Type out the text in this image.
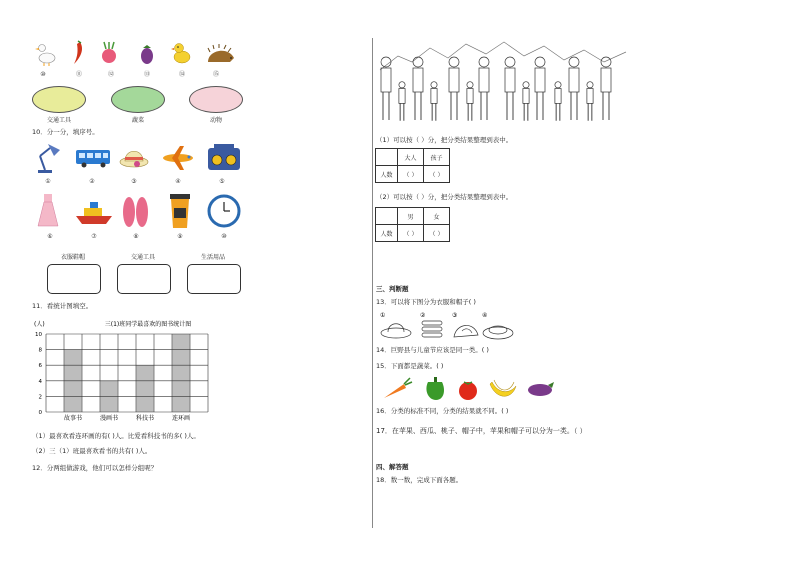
⑩	⑪	⑫	⑬	⑭	⑮
交通工具	蔬菜	动物
10．分一分，填序号。
①	②	③	④	⑤
⑥	⑦	⑧	⑨	⑩
衣服鞋帽	交通工具	生活用品
11．看统计图填空。
(人)	三(1)班同学最喜欢的图书统计图
0
2
4
6
8
10
故事书	漫画书	科技书	连环画
（1）最喜欢看连环画的有( )人。比爱看科技书的多( )人。
（2）三（1）班最喜欢看书的共有( )人。
12．分两组做游戏，他们可以怎样分组呢？
（1）可以按（ ）分，把分类结果整理到表中。
	大人	孩子
人数	（ ）	（ ）
（2）可以按（ ）分，把分类结果整理到表中。
	男	女
人数	（ ）	（ ）
三、判断题
13．可以将下图分为衣服和帽子( )
①	②	③	④
14．巨野县与儿童节应该是同一类。( )
15．下面都是蔬菜。( )
16．分类的标准不同，分类的结果就不同。( )
17．在苹果、西瓜、桃子、帽子中，苹果和帽子可以分为一类。（ ）
四、解答题
18．数一数，完成下面各题。
